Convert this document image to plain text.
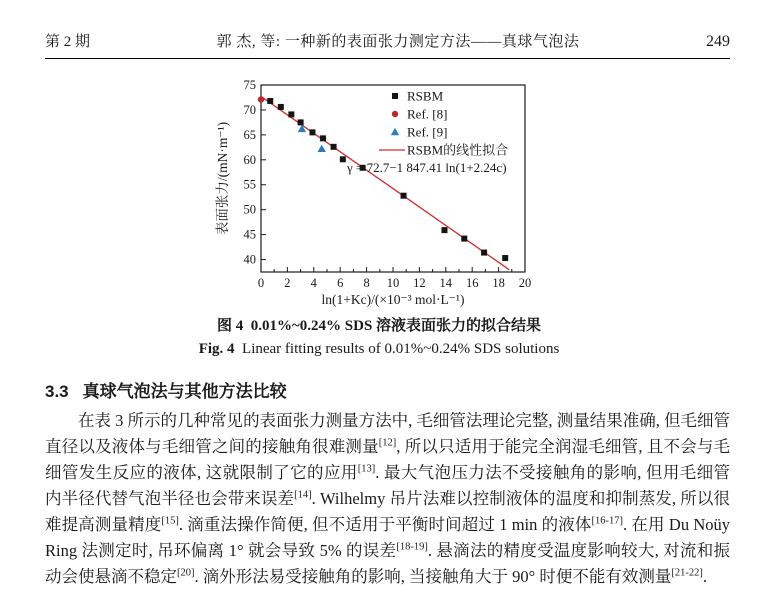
第 2 期	郭 杰, 等: 一种新的表面张力测定方法——真球气泡法	249
0 2 4 6 8 10 12 14 16 18 20
40
45
50
55
60
65
70
75
ln(1+Kc)/(×10⁻³ mol·L⁻¹)
表面张力/(mN·m⁻¹)
RSBM
Ref. [8]
Ref. [9]
RSBM的线性拟合
γ = 72.7−1 847.41 ln(1+2.24c)
图 4 0.01%~0.24% SDS 溶液表面张力的拟合结果
Fig. 4 Linear fitting results of 0.01%~0.24% SDS solutions
3.3 真球气泡法与其他方法比较

在表 3 所示的几种常见的表面张力测量方法中, 毛细管法理论完整, 测量结果准确, 但毛细管直径以及液体与毛细管之间的接触角很难测量[12], 所以只适用于能完全润湿毛细管, 且不会与毛细管发生反应的液体, 这就限制了它的应用[13]. 最大气泡压力法不受接触角的影响, 但用毛细管内半径代替气泡半径也会带来误差[14]. Wilhelmy 吊片法难以控制液体的温度和抑制蒸发, 所以很难提高测量精度[15]. 滴重法操作简便, 但不适用于平衡时间超过 1 min 的液体[16-17]. 在用 Du Noüy Ring 法测定时, 吊环偏离 1° 就会导致 5% 的误差[18-19]. 悬滴法的精度受温度影响较大, 对流和振动会使悬滴不稳定[20]. 滴外形法易受接触角的影响, 当接触角大于 90° 时便不能有效测量[21-22].
